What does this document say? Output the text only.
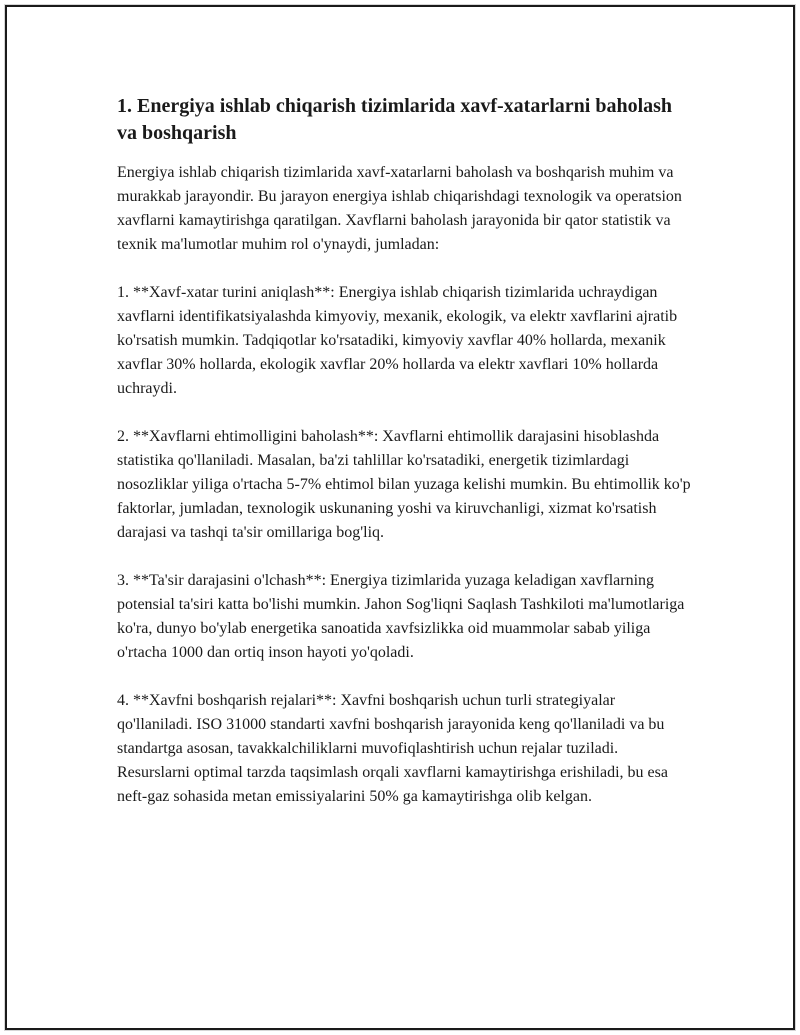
1. Energiya ishlab chiqarish tizimlarida xavf-xatarlarni baholash va boshqarish

Energiya ishlab chiqarish tizimlarida xavf-xatarlarni baholash va boshqarish muhim va murakkab jarayondir. Bu jarayon energiya ishlab chiqarishdagi texnologik va operatsion xavflarni kamaytirishga qaratilgan. Xavflarni baholash jarayonida bir qator statistik va texnik ma'lumotlar muhim rol o'ynaydi, jumladan:

1. **Xavf-xatar turini aniqlash**: Energiya ishlab chiqarish tizimlarida uchraydigan xavflarni identifikatsiyalashda kimyoviy, mexanik, ekologik, va elektr xavflarini ajratib ko'rsatish mumkin. Tadqiqotlar ko'rsatadiki, kimyoviy xavflar 40% hollarda, mexanik xavflar 30% hollarda, ekologik xavflar 20% hollarda va elektr xavflari 10% hollarda uchraydi.

2. **Xavflarni ehtimolligini baholash**: Xavflarni ehtimollik darajasini hisoblashda statistika qo'llaniladi. Masalan, ba'zi tahlillar ko'rsatadiki, energetik tizimlardagi nosozliklar yiliga o'rtacha 5-7% ehtimol bilan yuzaga kelishi mumkin. Bu ehtimollik ko'p faktorlar, jumladan, texnologik uskunaning yoshi va kiruvchanligi, xizmat ko'rsatish darajasi va tashqi ta'sir omillariga bog'liq.

3. **Ta'sir darajasini o'lchash**: Energiya tizimlarida yuzaga keladigan xavflarning potensial ta'siri katta bo'lishi mumkin. Jahon Sog'liqni Saqlash Tashkiloti ma'lumotlariga ko'ra, dunyo bo'ylab energetika sanoatida xavfsizlikka oid muammolar sabab yiliga o'rtacha 1000 dan ortiq inson hayoti yo'qoladi.

4. **Xavfni boshqarish rejalari**: Xavfni boshqarish uchun turli strategiyalar qo'llaniladi. ISO 31000 standarti xavfni boshqarish jarayonida keng qo'llaniladi va bu standartga asosan, tavakkalchiliklarni muvofiqlashtirish uchun rejalar tuziladi. Resurslarni optimal tarzda taqsimlash orqali xavflarni kamaytirishga erishiladi, bu esa neft-gaz sohasida metan emissiyalarini 50% ga kamaytirishga olib kelgan.
